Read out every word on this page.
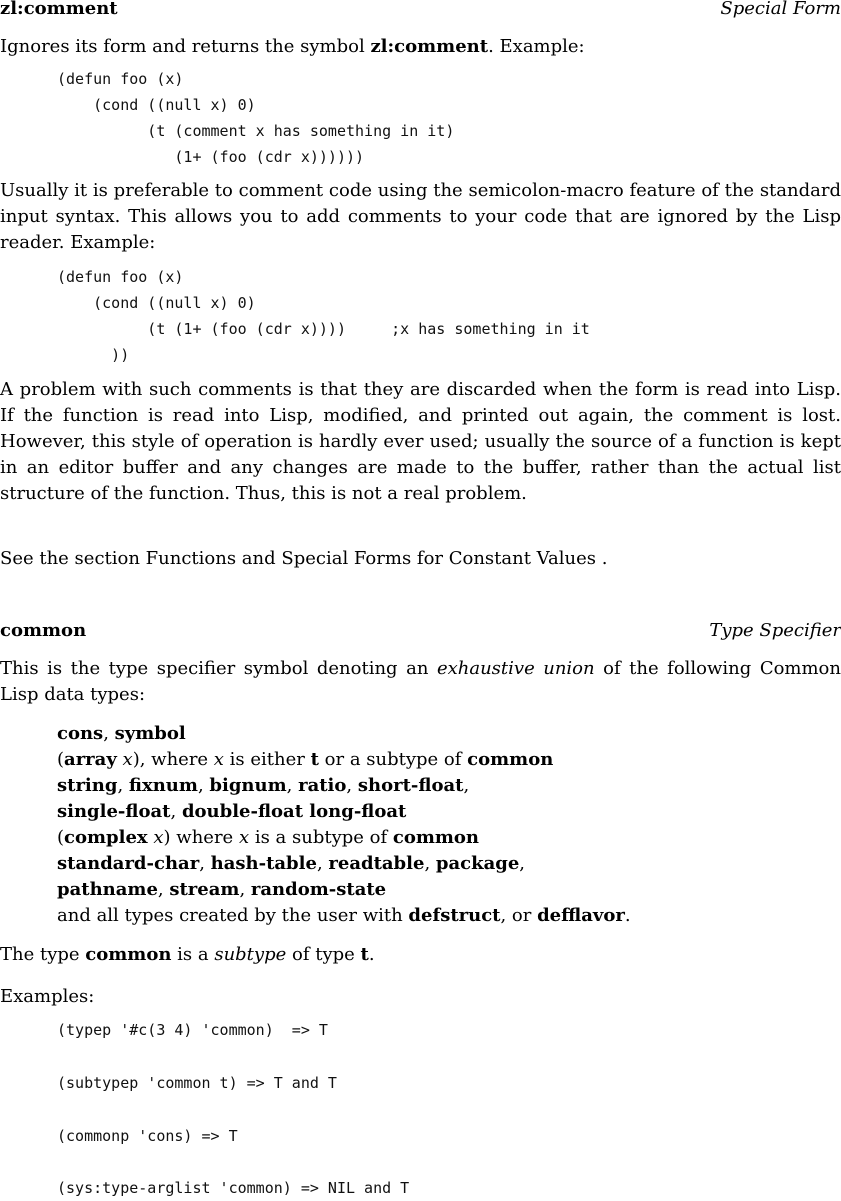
zl:comment	Special Form
Ignores its form and returns the symbol zl:comment. Example:
(defun foo (x)
(cond ((null x) 0)
(t (comment x has something in it)
(1+ (foo (cdr x))))))
Usually it is preferable to comment code using the semicolon-macro feature of the standard input syntax. This allows you to add comments to your code that are ignored by the Lisp reader. Example:
(defun foo (x)
(cond ((null x) 0)
(t (1+ (foo (cdr x))))     ;x has something in it
))
A problem with such comments is that they are discarded when the form is read into Lisp. If the function is read into Lisp, modified, and printed out again, the comment is lost. However, this style of operation is hardly ever used; usually the source of a function is kept in an editor buffer and any changes are made to the buffer, rather than the actual list structure of the function. Thus, this is not a real problem.
See the section Functions and Special Forms for Constant Values .
common	Type Specifier
This is the type specifier symbol denoting an exhaustive union of the following Common Lisp data types:
cons, symbol
(array x), where x is either t or a subtype of common
string, fixnum, bignum, ratio, short-float,
single-float, double-float long-float
(complex x) where x is a subtype of common
standard-char, hash-table, readtable, package,
pathname, stream, random-state
and all types created by the user with defstruct, or defflavor.
The type common is a subtype of type t.
Examples:
(typep '#c(3 4) 'common)  => T
(subtypep 'common t) => T and T
(commonp 'cons) => T
(sys:type-arglist 'common) => NIL and T
